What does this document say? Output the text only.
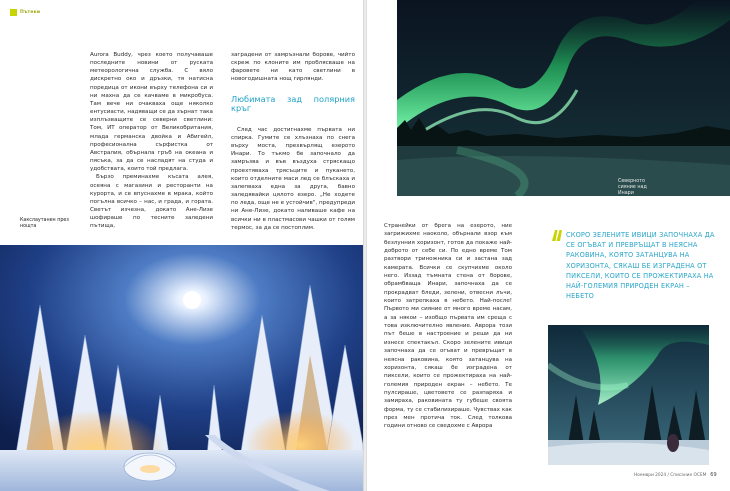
Пътеки

Aurora Buddy, чрез което получаваше последните новини от руската метеорологична служба. С вяло дискретно око и дръзки, тя натисна поредица от икони върху телефона си и ни махна да се качваме в микробуса. Там вече ни очакваха още няколко ентусиасти, надяващи се да зърнат така изплъзващите се северни светлини: Том, ИТ оператор от Великобритания, млада германска двойка и Абигейл, професионална сърфистка от Австралия, обърнала гръб на океана и пясъка, за да се насладят на студа и удобствата, които той предлага.

Бързо преминахме късата алея, осеяна с магазини и ресторанти на курорта, и се впуснахме в мрака, който погълна всичко – нас, и града, и гората. Светът изчезна, докато Ане-Лизе шофираше по тесните заледени пътища,

заградени от замръзнали борове, чийто скреж по клоните им проблясваше на фаровете ни като светлини в новогодишната нощ гирлянди.

Любимата зад полярния кръг

След час достигнахме първата ни спирка. Гумите се хлъзнаха по снега върху моста, прехвърлящ езерото Инари. То тъкмо бе започнало да замръзва и във въздуха стряскащо проехтяваха трясъците и пукането, които отделните маси лед се блъскаха и залепваха една за друга, бавно заледявайки цялото езеро. „Не ходете по леда, още не е устойчив", предупреди ни Ане-Лизе, докато наливаше кафе на всички ни в пластмасови чашки от голям термос, за да се постоплим.

Какслаутанен през нощта
Северното сияние над Инари

Странейки от брега на езерото, ние загрижихме наоколо, обърнали взор към безлунния хоризонт, готов да покаже най-доброто от себе си. По едно време Том разтвори триножника си и застана зад камерата. Всички се скупчихме около него. Иззад тъмната стена от борове, обрамбваща Инари, започнаха да се прокрадват бледи, зелени, отвесни лъчи, които затрепкаха в небето. Най-после! Първото ми сияние от много време насам, а за някои – изобщо първата им среща с това изключително явление. Аврора този път беше в настроение и реши да ни изнесе спектакъл. Скоро зелените ивици започнаха да се огъват и превръщат в неясна раковина, която затанцува на хоризонта, сякаш бе изградена от пиксели, които се прожектираха на най-големия природен екран – небето. Те пулсираше, цветовете се разпаряха и замираха, раковината ту губеше своята форма, ту се стабилизираше. Чувствах как през мен протича ток. След толкова години отново се сведохме с Аврора

СКОРО ЗЕЛЕНИТЕ ИВИЦИ ЗАПОЧНАХА ДА СЕ ОГЪВАТ И ПРЕВРЪЩАТ В НЕЯСНА РАКОВИНА, КОЯТО ЗАТАНЦУВА НА ХОРИЗОНТА, СЯКАШ БЕ ИЗГРАДЕНА ОТ ПИКСЕЛИ, КОИТО СЕ ПРОЖЕКТИРАХА НА НАЙ-ГОЛЕМИЯ ПРИРОДЕН ЕКРАН – НЕБЕТО
Ноември 2024 / Списание ОСЕМ 69
